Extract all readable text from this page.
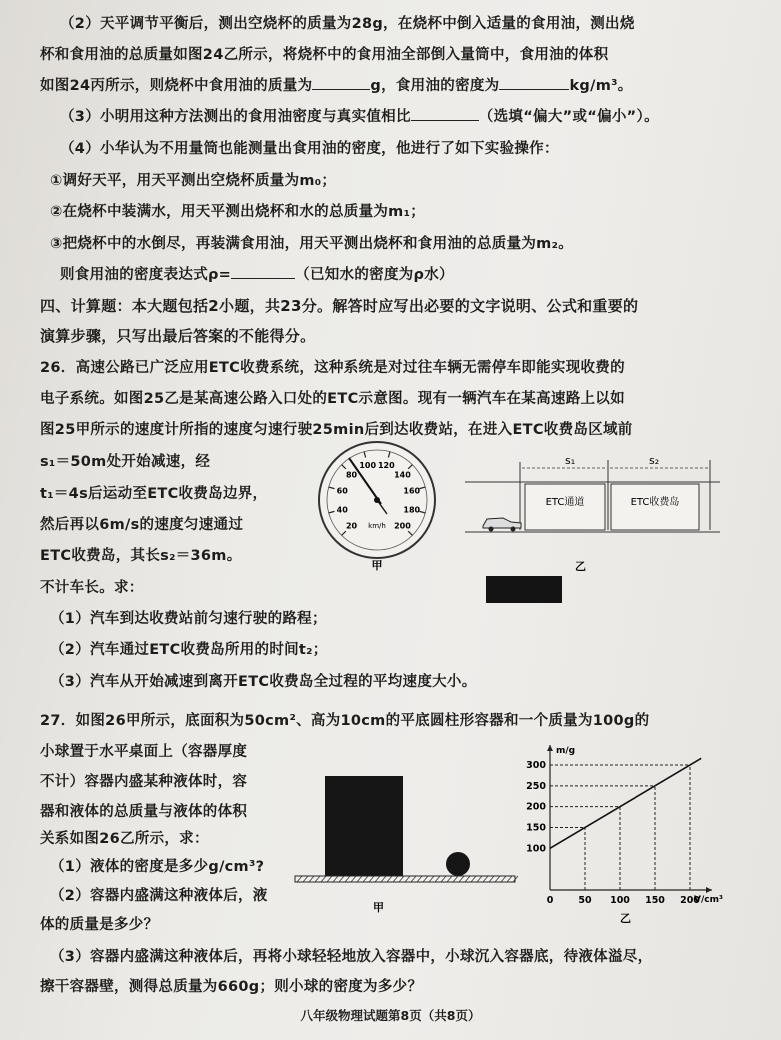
（2）天平调节平衡后，测出空烧杯的质量为28g，在烧杯中倒入适量的食用油，测出烧
杯和食用油的总质量如图24乙所示，将烧杯中的食用油全部倒入量筒中，食用油的体积
如图24丙所示，则烧杯中食用油的质量为	g，食用油的密度为	kg/m³。
（3）小明用这种方法测出的食用油密度与真实值相比	（选填“偏大”或“偏小”）。
（4）小华认为不用量筒也能测量出食用油的密度，他进行了如下实验操作：
①调好天平，用天平测出空烧杯质量为m₀；
②在烧杯中装满水，用天平测出烧杯和水的总质量为m₁；
③把烧杯中的水倒尽，再装满食用油，用天平测出烧杯和食用油的总质量为m₂。
则食用油的密度表达式ρ=	（已知水的密度为ρ水）
四、计算题：本大题包括2小题，共23分。解答时应写出必要的文字说明、公式和重要的
演算步骤，只写出最后答案的不能得分。
26．高速公路已广泛应用ETC收费系统，这种系统是对过往车辆无需停车即能实现收费的
电子系统。如图25乙是某高速公路入口处的ETC示意图。现有一辆汽车在某高速路上以如
图25甲所示的速度计所指的速度匀速行驶25min后到达收费站，在进入ETC收费岛区域前
s₁＝50m处开始减速，经
t₁＝4s后运动至ETC收费岛边界，
然后再以6m/s的速度匀速通过
ETC收费岛，其长s₂＝36m。
不计车长。求：
（1）汽车到达收费站前匀速行驶的路程；
（2）汽车通过ETC收费岛所用的时间t₂；
（3）汽车从开始减速到离开ETC收费岛全过程的平均速度大小。
20
40
60
80
100 120
140
160
180
200
km/h
甲
s₁	s₂
ETC通道	ETC收费岛
乙
27．如图26甲所示，底面积为50cm²、高为10cm的平底圆柱形容器和一个质量为100g的
小球置于水平桌面上（容器厚度
不计）容器内盛某种液体时，容
器和液体的总质量与液体的体积
关系如图26乙所示，求：
（1）液体的密度是多少g/cm³?
（2）容器内盛满这种液体后，液
体的质量是多少？
（3）容器内盛满这种液体后，再将小球轻轻地放入容器中，小球沉入容器底，待液体溢尽，
擦干容器壁，测得总质量为660g；则小球的密度为多少？
甲
m/g
V/cm³
0	50 100 150 200
100
150
200
250
300
乙
八年级物理试题第8页（共8页）
